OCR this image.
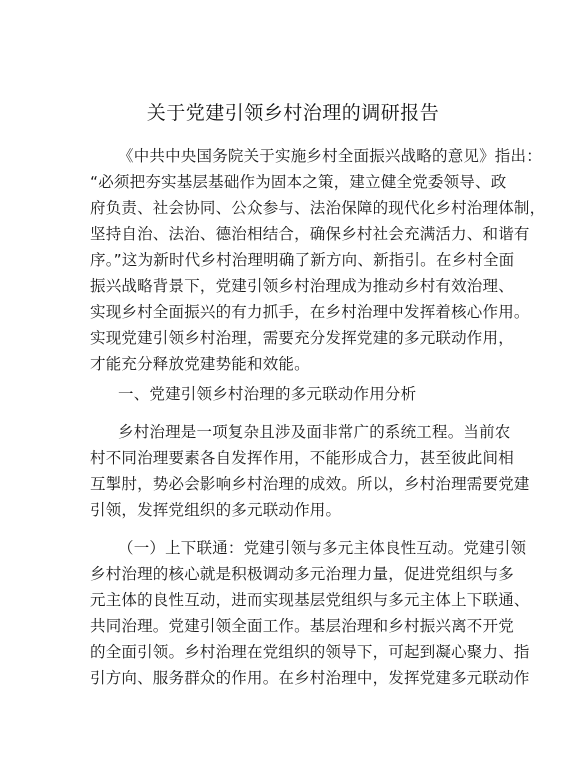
关于党建引领乡村治理的调研报告
《中共中央国务院关于实施乡村全面振兴战略的意见》指出：
“必须把夯实基层基础作为固本之策，建立健全党委领导、政
府负责、社会协同、公众参与、法治保障的现代化乡村治理体制，
坚持自治、法治、德治相结合，确保乡村社会充满活力、和谐有
序。”这为新时代乡村治理明确了新方向、新指引。在乡村全面
振兴战略背景下，党建引领乡村治理成为推动乡村有效治理、
实现乡村全面振兴的有力抓手，在乡村治理中发挥着核心作用。
实现党建引领乡村治理，需要充分发挥党建的多元联动作用，
才能充分释放党建势能和效能。
一、党建引领乡村治理的多元联动作用分析
乡村治理是一项复杂且涉及面非常广的系统工程。当前农
村不同治理要素各自发挥作用，不能形成合力，甚至彼此间相
互掣肘，势必会影响乡村治理的成效。所以，乡村治理需要党建
引领，发挥党组织的多元联动作用。
（一）上下联通：党建引领与多元主体良性互动。党建引领
乡村治理的核心就是积极调动多元治理力量，促进党组织与多
元主体的良性互动，进而实现基层党组织与多元主体上下联通、
共同治理。党建引领全面工作。基层治理和乡村振兴离不开党
的全面引领。乡村治理在党组织的领导下，可起到凝心聚力、指
引方向、服务群众的作用。在乡村治理中，发挥党建多元联动作
